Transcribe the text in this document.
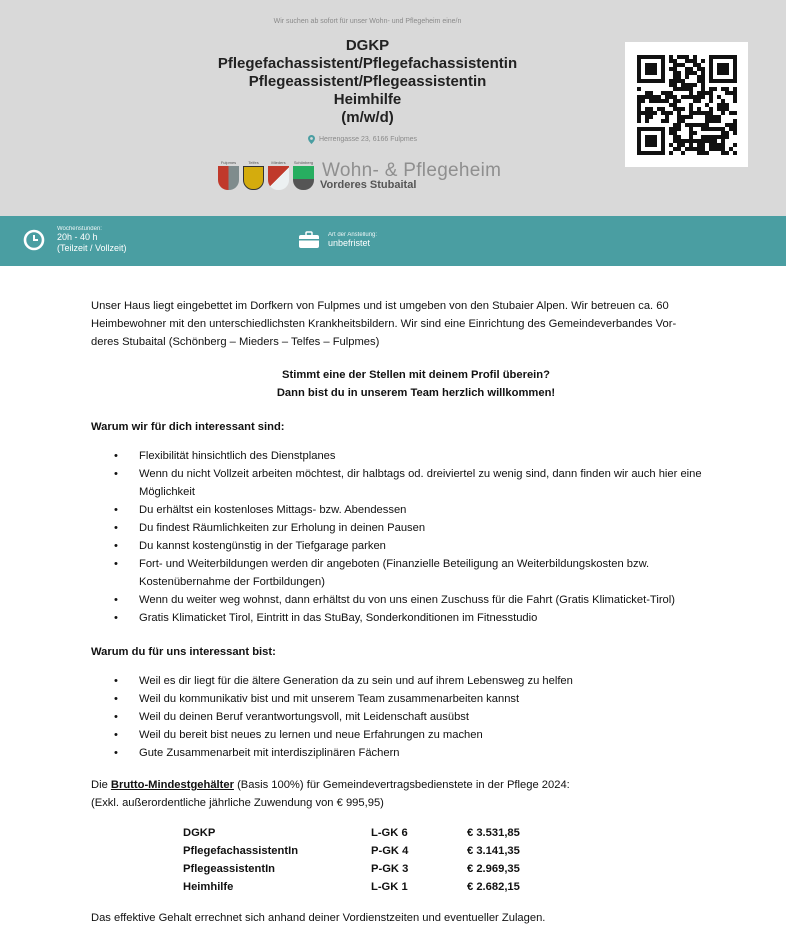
Wir suchen ab sofort für unser Wohn- und Pflegeheim eine/n
DGKP
Pflegefachassistent/Pflegefachassistentin
Pflegeassistent/Pflegeassistentin
Heimhilfe
(m/w/d)
Herrengasse 23, 6166 Fulpmes
Fulpmes	Telfes	Mieders Schönberg Wohn- & Pflegeheim
Vorderes Stubaital
Wochenstunden:
20h - 40 h
(Teilzeit / Vollzeit)
Art der Anstellung:
unbefristet

Unser Haus liegt eingebettet im Dorfkern von Fulpmes und ist umgeben von den Stubaier Alpen. Wir betreuen ca. 60

Heimbewohner mit den unterschiedlichsten Krankheitsbildern. Wir sind eine Einrichtung des Gemeindeverbandes Vor-

deres Stubaital (Schönberg – Mieders – Telfes – Fulpmes)

Stimmt eine der Stellen mit deinem Profil überein?
Dann bist du in unserem Team herzlich willkommen!

Warum wir für dich interessant sind:

• Flexibilität hinsichtlich des Dienstplanes
• Wenn du nicht Vollzeit arbeiten möchtest, dir halbtags od. dreiviertel zu wenig sind, dann finden wir auch hier eine Möglichkeit
• Du erhältst ein kostenloses Mittags- bzw. Abendessen
• Du findest Räumlichkeiten zur Erholung in deinen Pausen
• Du kannst kostengünstig in der Tiefgarage parken
• Fort- und Weiterbildungen werden dir angeboten (Finanzielle Beteiligung an Weiterbildungskosten bzw. Kostenübernahme der Fortbildungen)
• Wenn du weiter weg wohnst, dann erhältst du von uns einen Zuschuss für die Fahrt (Gratis Klimaticket-Tirol)
• Gratis Klimaticket Tirol, Eintritt in das StuBay, Sonderkonditionen im Fitnesstudio

Warum du für uns interessant bist:

• Weil es dir liegt für die ältere Generation da zu sein und auf ihrem Lebensweg zu helfen
• Weil du kommunikativ bist und mit unserem Team zusammenarbeiten kannst
• Weil du deinen Beruf verantwortungsvoll, mit Leidenschaft ausübst
• Weil du bereit bist neues zu lernen und neue Erfahrungen zu machen
• Gute Zusammenarbeit mit interdisziplinären Fächern

Die Brutto-Mindestgehälter (Basis 100%) für Gemeindevertragsbedienstete in der Pflege 2024:

(Exkl. außerordentliche jährliche Zuwendung von € 995,95)

DGKP	L-GK 6	€ 3.531,85
PflegefachassistentIn	P-GK 4	€ 3.141,35
PflegeassistentIn	P-GK 3	€ 2.969,35
Heimhilfe	L-GK 1	€ 2.682,15

Das effektive Gehalt errechnet sich anhand deiner Vordienstzeiten und eventueller Zulagen.
